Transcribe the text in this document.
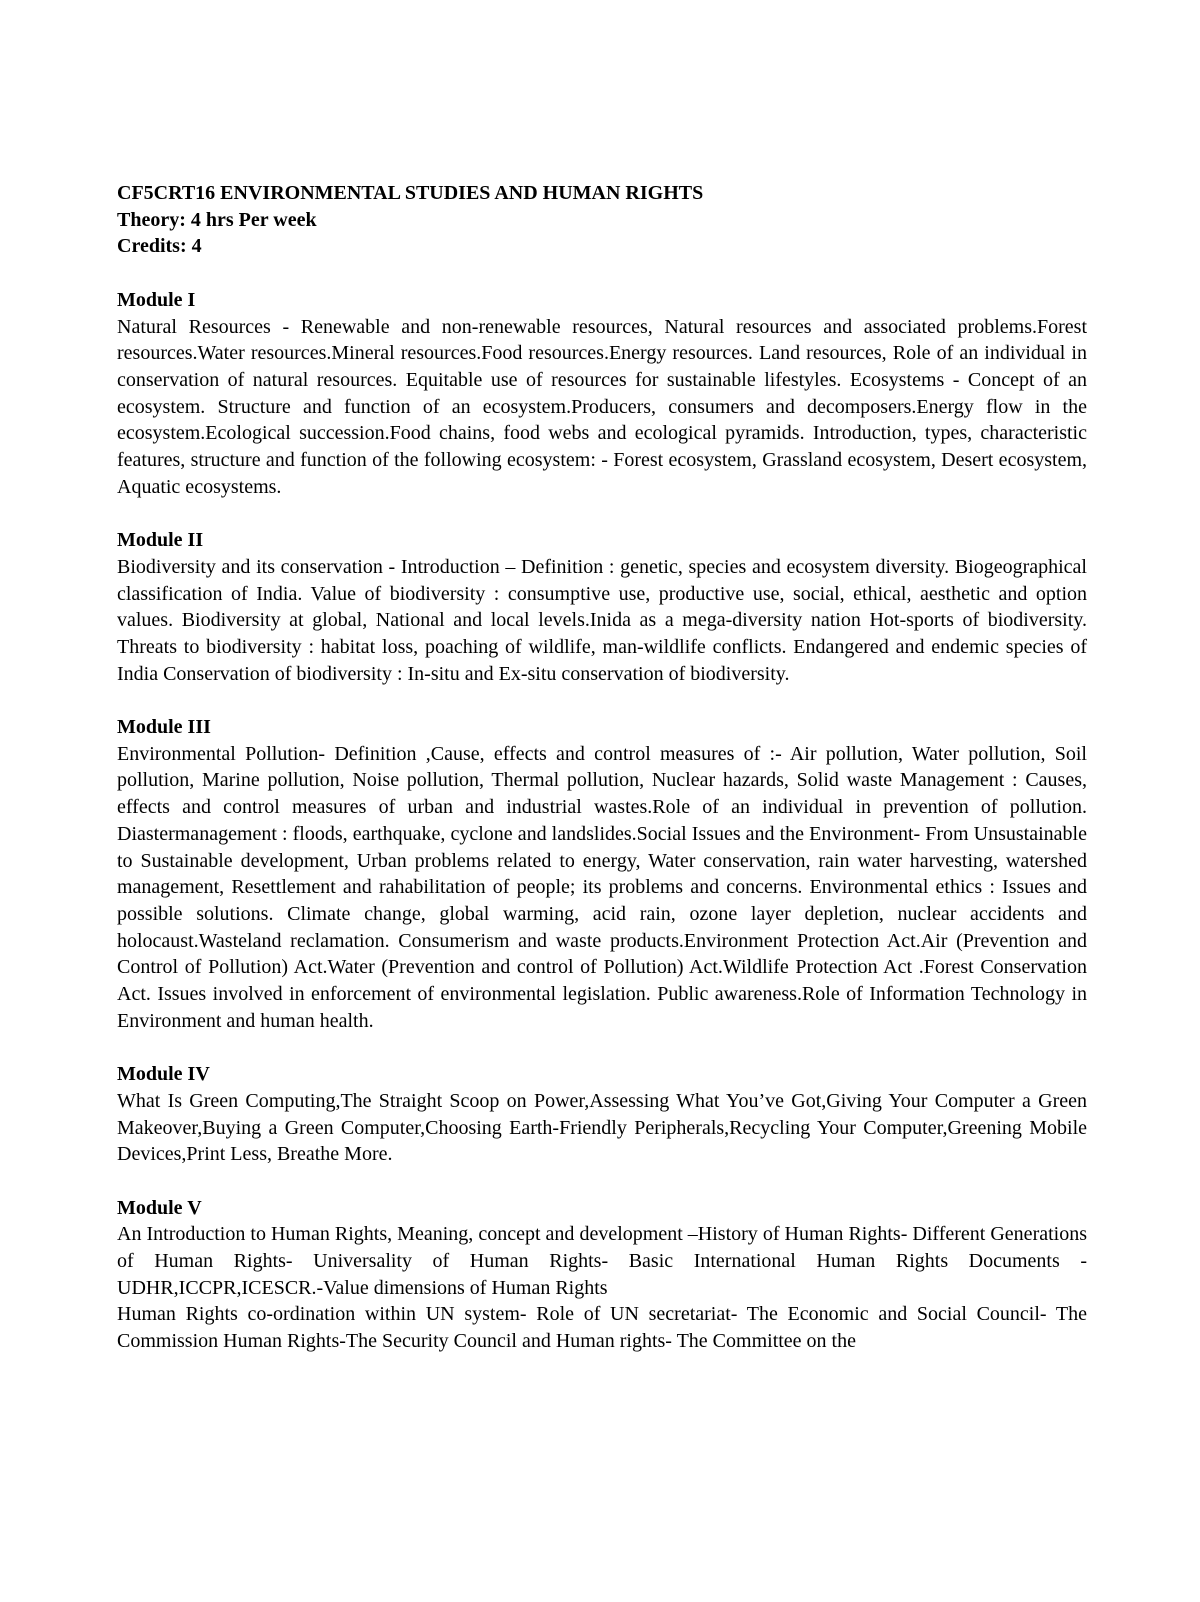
CF5CRT16 ENVIRONMENTAL STUDIES AND HUMAN RIGHTS
Theory: 4 hrs Per week
Credits: 4
Module I

Natural Resources - Renewable and non-renewable resources, Natural resources and associated problems.Forest resources.Water resources.Mineral resources.Food resources.Energy resources. Land resources, Role of an individual in conservation of natural resources. Equitable use of resources for sustainable lifestyles. Ecosystems - Concept of an ecosystem. Structure and function of an ecosystem.Producers, consumers and decomposers.Energy flow in the ecosystem.Ecological succession.Food chains, food webs and ecological pyramids. Introduction, types, characteristic features, structure and function of the following ecosystem: - Forest ecosystem, Grassland ecosystem, Desert ecosystem, Aquatic ecosystems.

Module II

Biodiversity and its conservation - Introduction – Definition : genetic, species and ecosystem diversity. Biogeographical classification of India. Value of biodiversity : consumptive use, productive use, social, ethical, aesthetic and option values. Biodiversity at global, National and local levels.Inida as a mega-diversity nation Hot-sports of biodiversity. Threats to biodiversity : habitat loss, poaching of wildlife, man-wildlife conflicts. Endangered and endemic species of India Conservation of biodiversity : In-situ and Ex-situ conservation of biodiversity.

Module III

Environmental Pollution- Definition ,Cause, effects and control measures of :- Air pollution, Water pollution, Soil pollution, Marine pollution, Noise pollution, Thermal pollution, Nuclear hazards, Solid waste Management : Causes, effects and control measures of urban and industrial wastes.Role of an individual in prevention of pollution. Diastermanagement : floods, earthquake, cyclone and landslides.Social Issues and the Environment- From Unsustainable to Sustainable development, Urban problems related to energy, Water conservation, rain water harvesting, watershed management, Resettlement and rahabilitation of people; its problems and concerns. Environmental ethics : Issues and possible solutions. Climate change, global warming, acid rain, ozone layer depletion, nuclear accidents and holocaust.Wasteland reclamation. Consumerism and waste products.Environment Protection Act.Air (Prevention and Control of Pollution) Act.Water (Prevention and control of Pollution) Act.Wildlife Protection Act .Forest Conservation Act. Issues involved in enforcement of environmental legislation. Public awareness.Role of Information Technology in Environment and human health.

Module IV

What Is Green Computing,The Straight Scoop on Power,Assessing What You’ve Got,Giving Your Computer a Green Makeover,Buying a Green Computer,Choosing Earth-Friendly Peripherals,Recycling Your Computer,Greening Mobile Devices,Print Less, Breathe More.

Module V

An Introduction to Human Rights, Meaning, concept and development –History of Human Rights- Different Generations of Human Rights- Universality of Human Rights- Basic International Human Rights Documents - UDHR,ICCPR,ICESCR.-Value dimensions of Human Rights

Human Rights co-ordination within UN system- Role of UN secretariat- The Economic and Social Council- The Commission Human Rights-The Security Council and Human rights- The Committee on the
